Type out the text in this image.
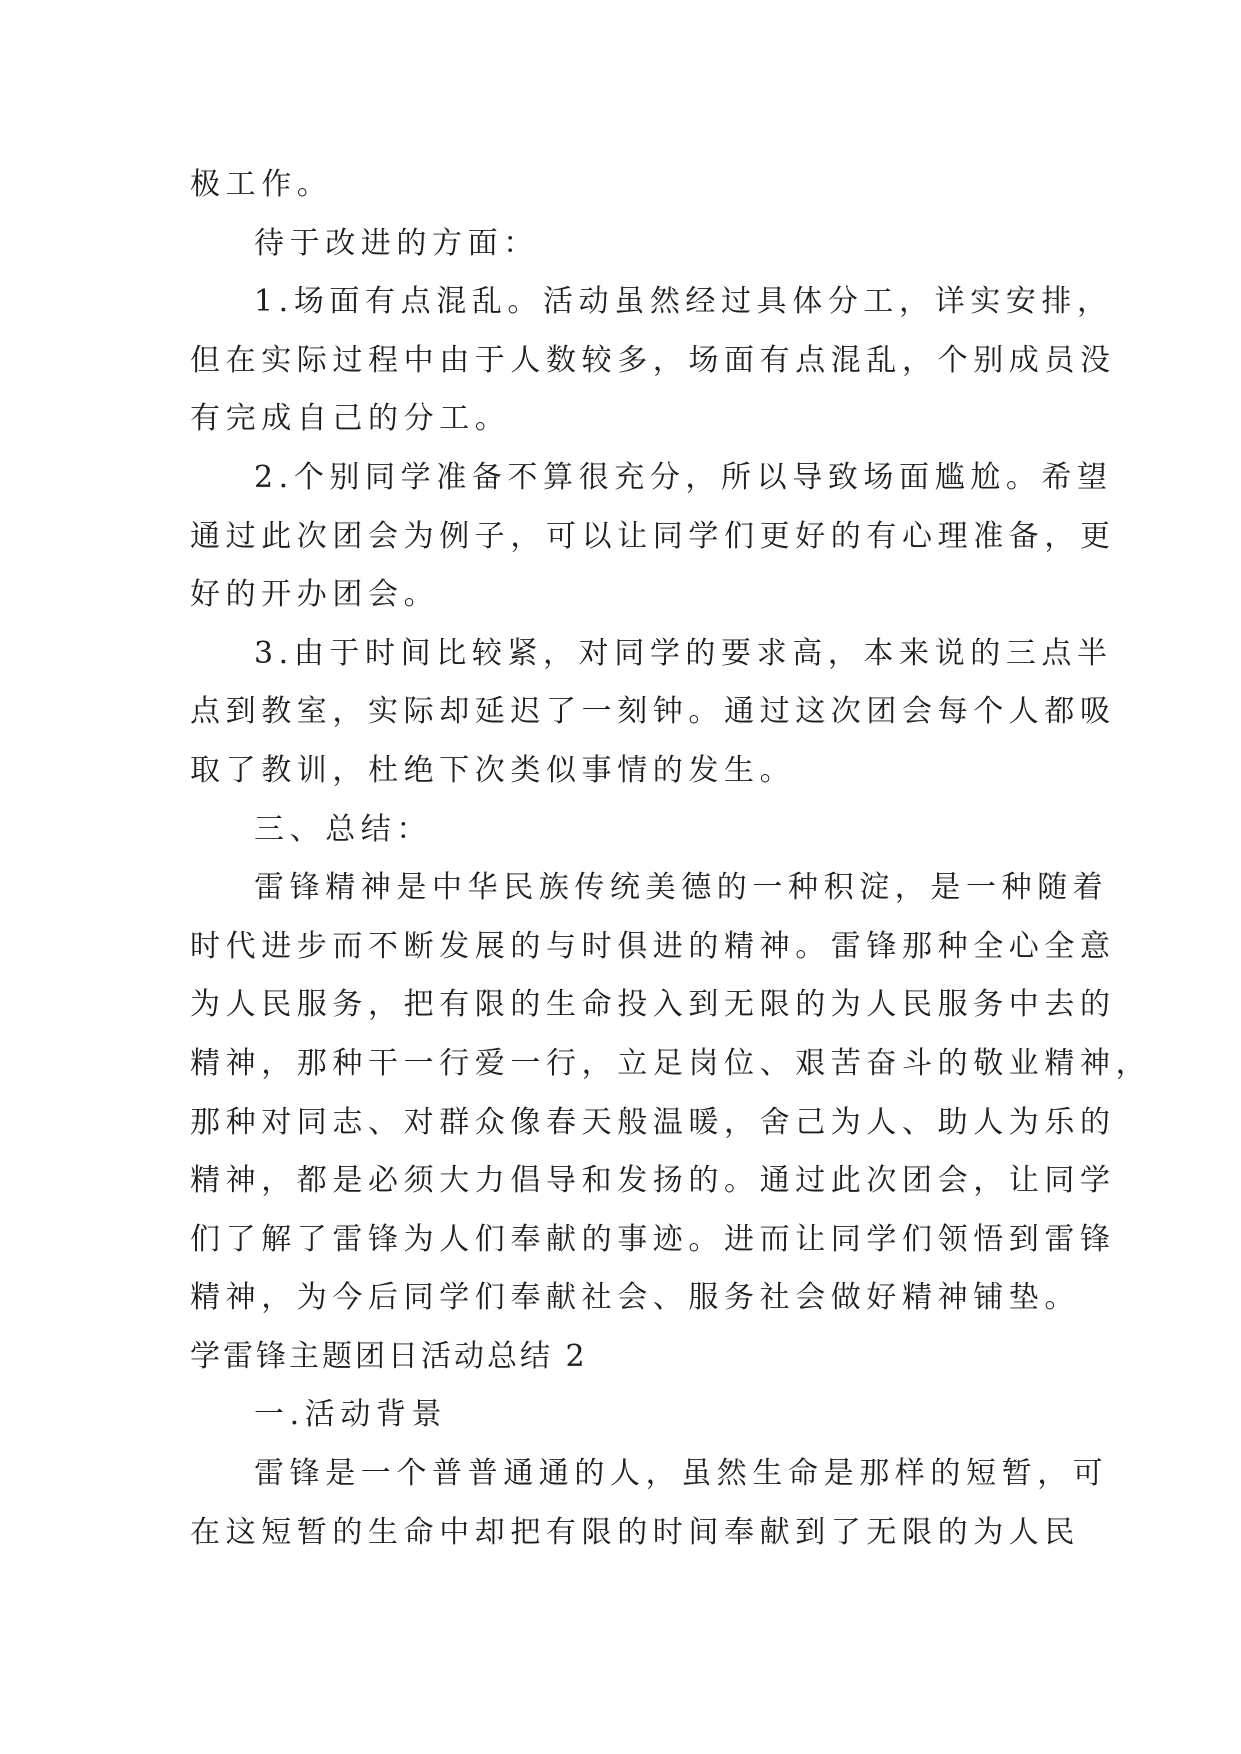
极工作。
待于改进的方面：
1.场面有点混乱。活动虽然经过具体分工，详实安排，
但在实际过程中由于人数较多，场面有点混乱，个别成员没
有完成自己的分工。
2.个别同学准备不算很充分，所以导致场面尴尬。希望
通过此次团会为例子，可以让同学们更好的有心理准备，更
好的开办团会。
3.由于时间比较紧，对同学的要求高，本来说的三点半
点到教室，实际却延迟了一刻钟。通过这次团会每个人都吸
取了教训，杜绝下次类似事情的发生。
三、总结：
雷锋精神是中华民族传统美德的一种积淀，是一种随着
时代进步而不断发展的与时俱进的精神。雷锋那种全心全意
为人民服务，把有限的生命投入到无限的为人民服务中去的
精神，那种干一行爱一行，立足岗位、艰苦奋斗的敬业精神，
那种对同志、对群众像春天般温暖，舍己为人、助人为乐的
精神，都是必须大力倡导和发扬的。通过此次团会，让同学
们了解了雷锋为人们奉献的事迹。进而让同学们领悟到雷锋
精神，为今后同学们奉献社会、服务社会做好精神铺垫。
学雷锋主题团日活动总结 2
一.活动背景
雷锋是一个普普通通的人，虽然生命是那样的短暂，可
在这短暂的生命中却把有限的时间奉献到了无限的为人民
